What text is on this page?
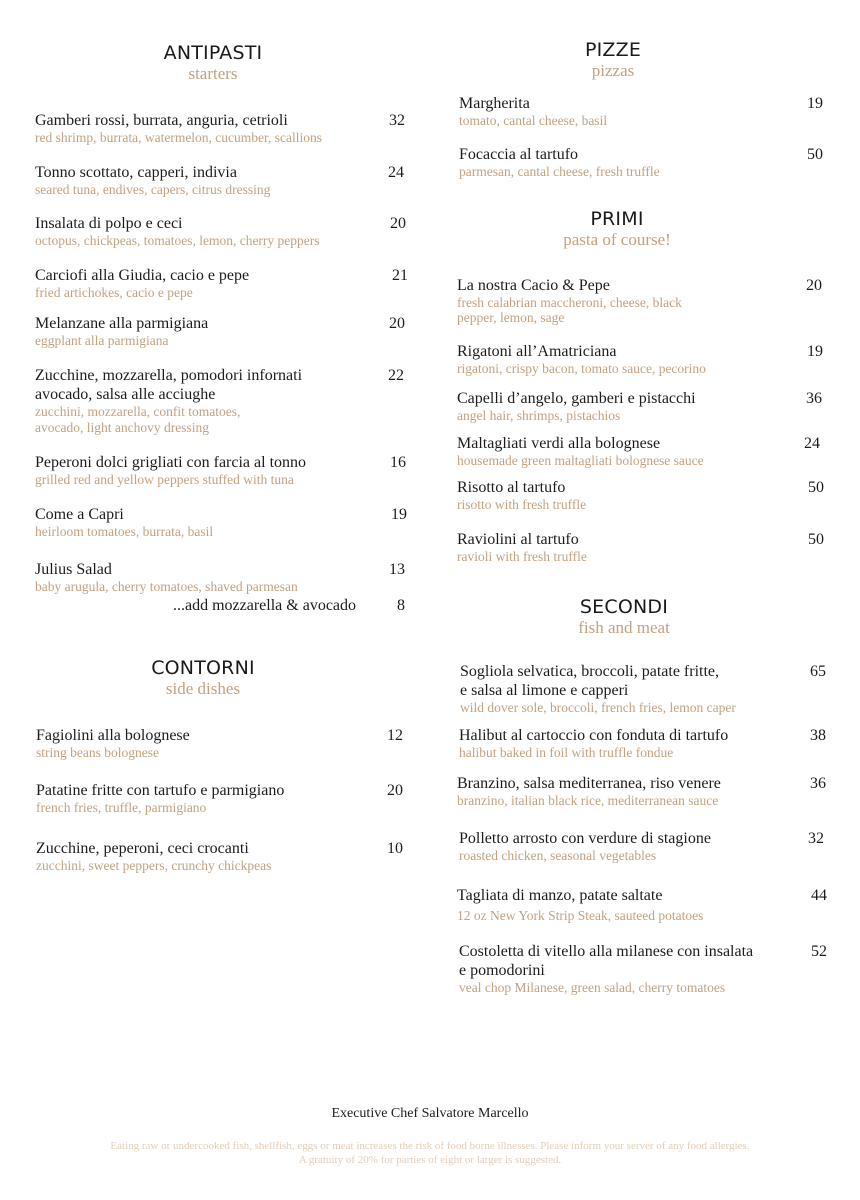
ANTIPASTI
starters
Gamberi rossi, burrata, anguria, cetrioli
red shrimp, burrata, watermelon, cucumber, scallions
32
Tonno scottato, capperi, indivia
seared tuna, endives, capers, citrus dressing
24
Insalata di polpo e ceci
octopus, chickpeas, tomatoes, lemon, cherry peppers
20
Carciofi alla Giudia, cacio e pepe
fried artichokes, cacio e pepe
21
Melanzane alla parmigiana
eggplant alla parmigiana
20
Zucchine, mozzarella, pomodori infornati
avocado, salsa alle acciughe
zucchini, mozzarella, confit tomatoes,
avocado, light anchovy dressing
22
Peperoni dolci grigliati con farcia al tonno
grilled red and yellow peppers stuffed with tuna
16
Come a Capri
heirloom tomatoes, burrata, basil
19
Julius Salad
baby arugula, cherry tomatoes, shaved parmesan
13
...add mozzarella & avocado	8
CONTORNI
side dishes
Fagiolini alla bolognese
string beans bolognese
12
Patatine fritte con tartufo e parmigiano
french fries, truffle, parmigiano
20
Zucchine, peperoni, ceci crocanti
zucchini, sweet peppers, crunchy chickpeas
10
PIZZE
pizzas
Margherita
tomato, cantal cheese, basil
19
Focaccia al tartufo
parmesan, cantal cheese, fresh truffle
50
PRIMI
pasta of course!
La nostra Cacio & Pepe
fresh calabrian maccheroni, cheese, black
pepper, lemon, sage
20
Rigatoni all’Amatriciana
rigatoni, crispy bacon, tomato sauce, pecorino
19
Capelli d’angelo, gamberi e pistacchi
angel hair, shrimps, pistachios
36
Maltagliati verdi alla bolognese
housemade green maltagliati bolognese sauce
24
Risotto al tartufo
risotto with fresh truffle
50
Raviolini al tartufo
ravioli with fresh truffle
50
SECONDI
fish and meat
Sogliola selvatica, broccoli, patate fritte,
e salsa al limone e capperi
wild dover sole, broccoli, french fries, lemon caper
65
Halibut al cartoccio con fonduta di tartufo
halibut baked in foil with truffle fondue
38
Branzino, salsa mediterranea, riso venere
branzino, italian black rice, mediterranean sauce
36
Polletto arrosto con verdure di stagione
roasted chicken, seasonal vegetables
32
Tagliata di manzo, patate saltate
12 oz New York Strip Steak, sauteed potatoes
44
Costoletta di vitello alla milanese con insalata
e pomodorini
veal chop Milanese, green salad, cherry tomatoes
52
Executive Chef Salvatore Marcello
Eating raw or undercooked fish, shellfish, eggs or meat increases the risk of food borne illnesses. Please inform your server of any food allergies.
A gratuity of 20% for parties of eight or larger is suggested.
